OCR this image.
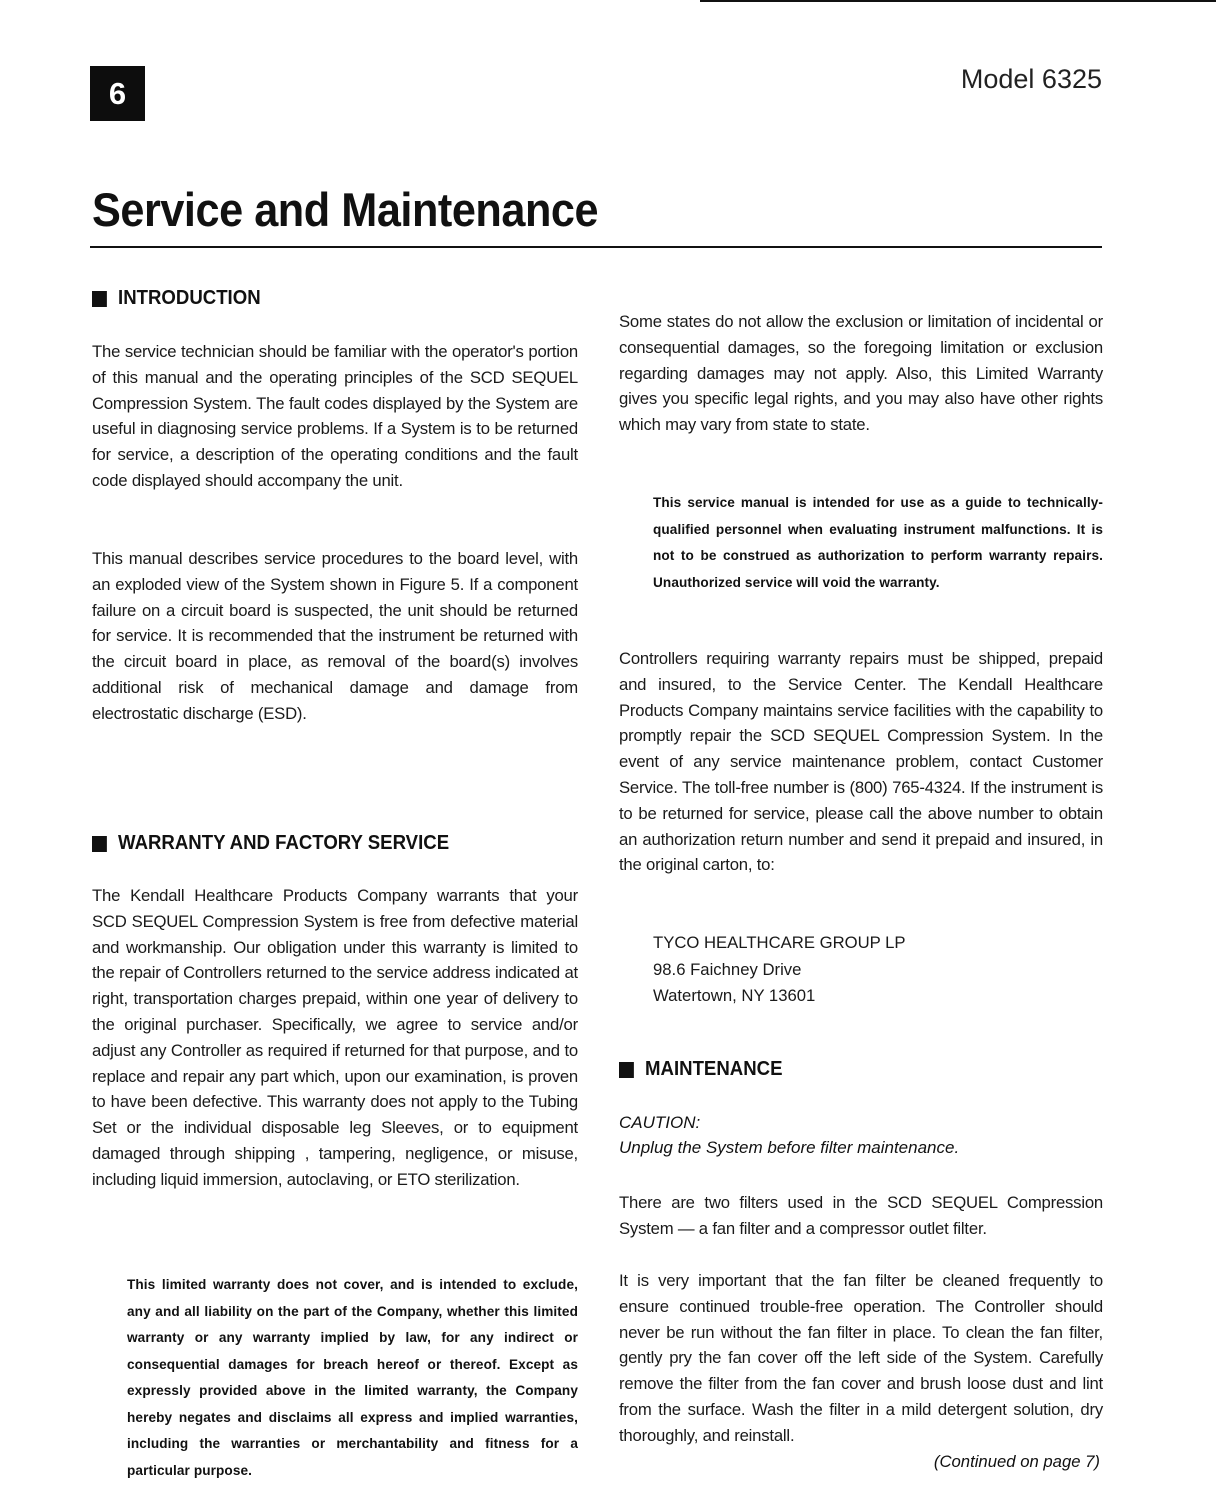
6	Model 6325
Service and Maintenance
INTRODUCTION

The service technician should be familiar with the operator's portion of this manual and the operating principles of the SCD SEQUEL Compression System. The fault codes displayed by the System are useful in diagnosing service problems. If a System is to be returned for service, a description of the operating conditions and the fault code displayed should accompany the unit.

This manual describes service procedures to the board level, with an exploded view of the System shown in Figure 5. If a component failure on a circuit board is suspected, the unit should be returned for service. It is recommended that the instrument be returned with the circuit board in place, as removal of the board(s) involves additional risk of mechanical damage and damage from electrostatic discharge (ESD).

WARRANTY AND FACTORY SERVICE

The Kendall Healthcare Products Company warrants that your SCD SEQUEL Compression System is free from defective material and workmanship. Our obligation under this warranty is limited to the repair of Controllers returned to the service address indicated at right, transportation charges prepaid, within one year of delivery to the original purchaser. Specifically, we agree to service and/or adjust any Controller as required if returned for that purpose, and to replace and repair any part which, upon our examination, is proven to have been defective. This warranty does not apply to the Tubing Set or the individual disposable leg Sleeves, or to equipment damaged through shipping , tampering, negligence, or misuse, including liquid immersion, autoclaving, or ETO sterilization.

This limited warranty does not cover, and is intended to exclude, any and all liability on the part of the Company, whether this limited warranty or any warranty implied by law, for any indirect or consequential damages for breach hereof or thereof. Except as expressly provided above in the limited warranty, the Company hereby negates and disclaims all express and implied warranties, including the warranties or merchantability and fitness for a particular purpose.

Some states do not allow the exclusion or limitation of incidental or consequential damages, so the foregoing limitation or exclusion regarding damages may not apply. Also, this Limited Warranty gives you specific legal rights, and you may also have other rights which may vary from state to state.

This service manual is intended for use as a guide to technically-qualified personnel when evaluating instrument malfunctions. It is not to be construed as authorization to perform warranty repairs. Unauthorized service will void the warranty.

Controllers requiring warranty repairs must be shipped, prepaid and insured, to the Service Center. The Kendall Healthcare Products Company maintains service facilities with the capability to promptly repair the SCD SEQUEL Compression System. In the event of any service maintenance problem, contact Customer Service. The toll-free number is (800) 765-4324. If the instrument is to be returned for service, please call the above number to obtain an authorization return number and send it prepaid and insured, in the original carton, to:

TYCO HEALTHCARE GROUP LP
98.6 Faichney Drive
Watertown, NY 13601
MAINTENANCE
CAUTION:
Unplug the System before filter maintenance.

There are two filters used in the SCD SEQUEL Compression System — a fan filter and a compressor outlet filter.

It is very important that the fan filter be cleaned frequently to ensure continued trouble-free operation. The Controller should never be run without the fan filter in place. To clean the fan filter, gently pry the fan cover off the left side of the System. Carefully remove the filter from the fan cover and brush loose dust and lint from the surface. Wash the filter in a mild detergent solution, dry thoroughly, and reinstall.

(Continued on page 7)
